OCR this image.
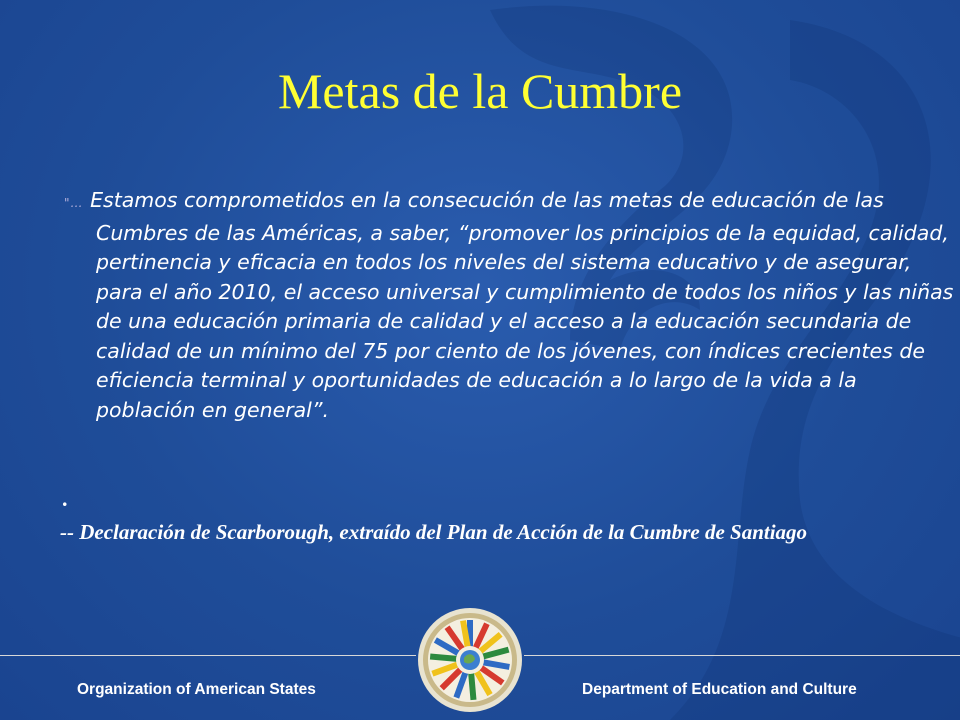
Metas de la Cumbre
"… Estamos comprometidos en la consecución de las metas de educación de las Cumbres de las Américas, a saber, “promover los principios de la equidad, calidad, pertinencia y eficacia en todos los niveles del sistema educativo y de asegurar, para el año 2010, el acceso universal y cumplimiento de todos los niños y las niñas de una educación primaria de calidad y el acceso a la educación secundaria de calidad de un mínimo del 75 por ciento de los jóvenes, con índices crecientes de eficiencia terminal y oportunidades de educación a lo largo de la vida a la población en general”.
.
-- Declaración de Scarborough, extraído del Plan de Acción de la Cumbre de Santiago
Organization of American States	Department of Education and Culture
